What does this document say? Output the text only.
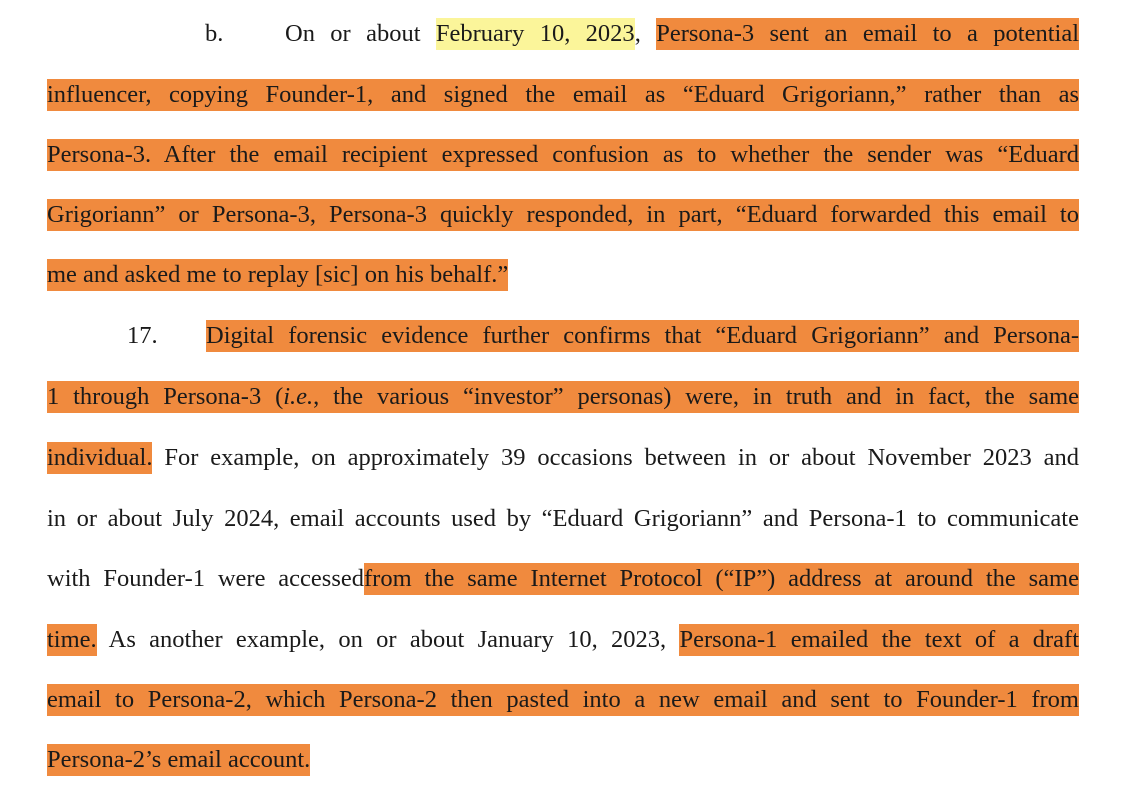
b.	On or about February 10, 2023, Persona-3 sent an email to a potential
influencer, copying Founder-1, and signed the email as “Eduard Grigoriann,” rather than as
Persona-3. After the email recipient expressed confusion as to whether the sender was “Eduard
Grigoriann” or Persona-3, Persona-3 quickly responded, in part, “Eduard forwarded this email to
me and asked me to replay [sic] on his behalf.”
17. Digital forensic evidence further confirms that “Eduard Grigoriann” and Persona-
1 through Persona-3 (i.e., the various “investor” personas) were, in truth and in fact, the same
individual. For example, on approximately 39 occasions between in or about November 2023 and
in or about July 2024, email accounts used by “Eduard Grigoriann” and Persona-1 to communicate
with Founder-1 were accessedfrom the same Internet Protocol (“IP”) address at around the same
time. As another example, on or about January 10, 2023, Persona-1 emailed the text of a draft
email to Persona-2, which Persona-2 then pasted into a new email and sent to Founder-1 from
Persona-2’s email account.
